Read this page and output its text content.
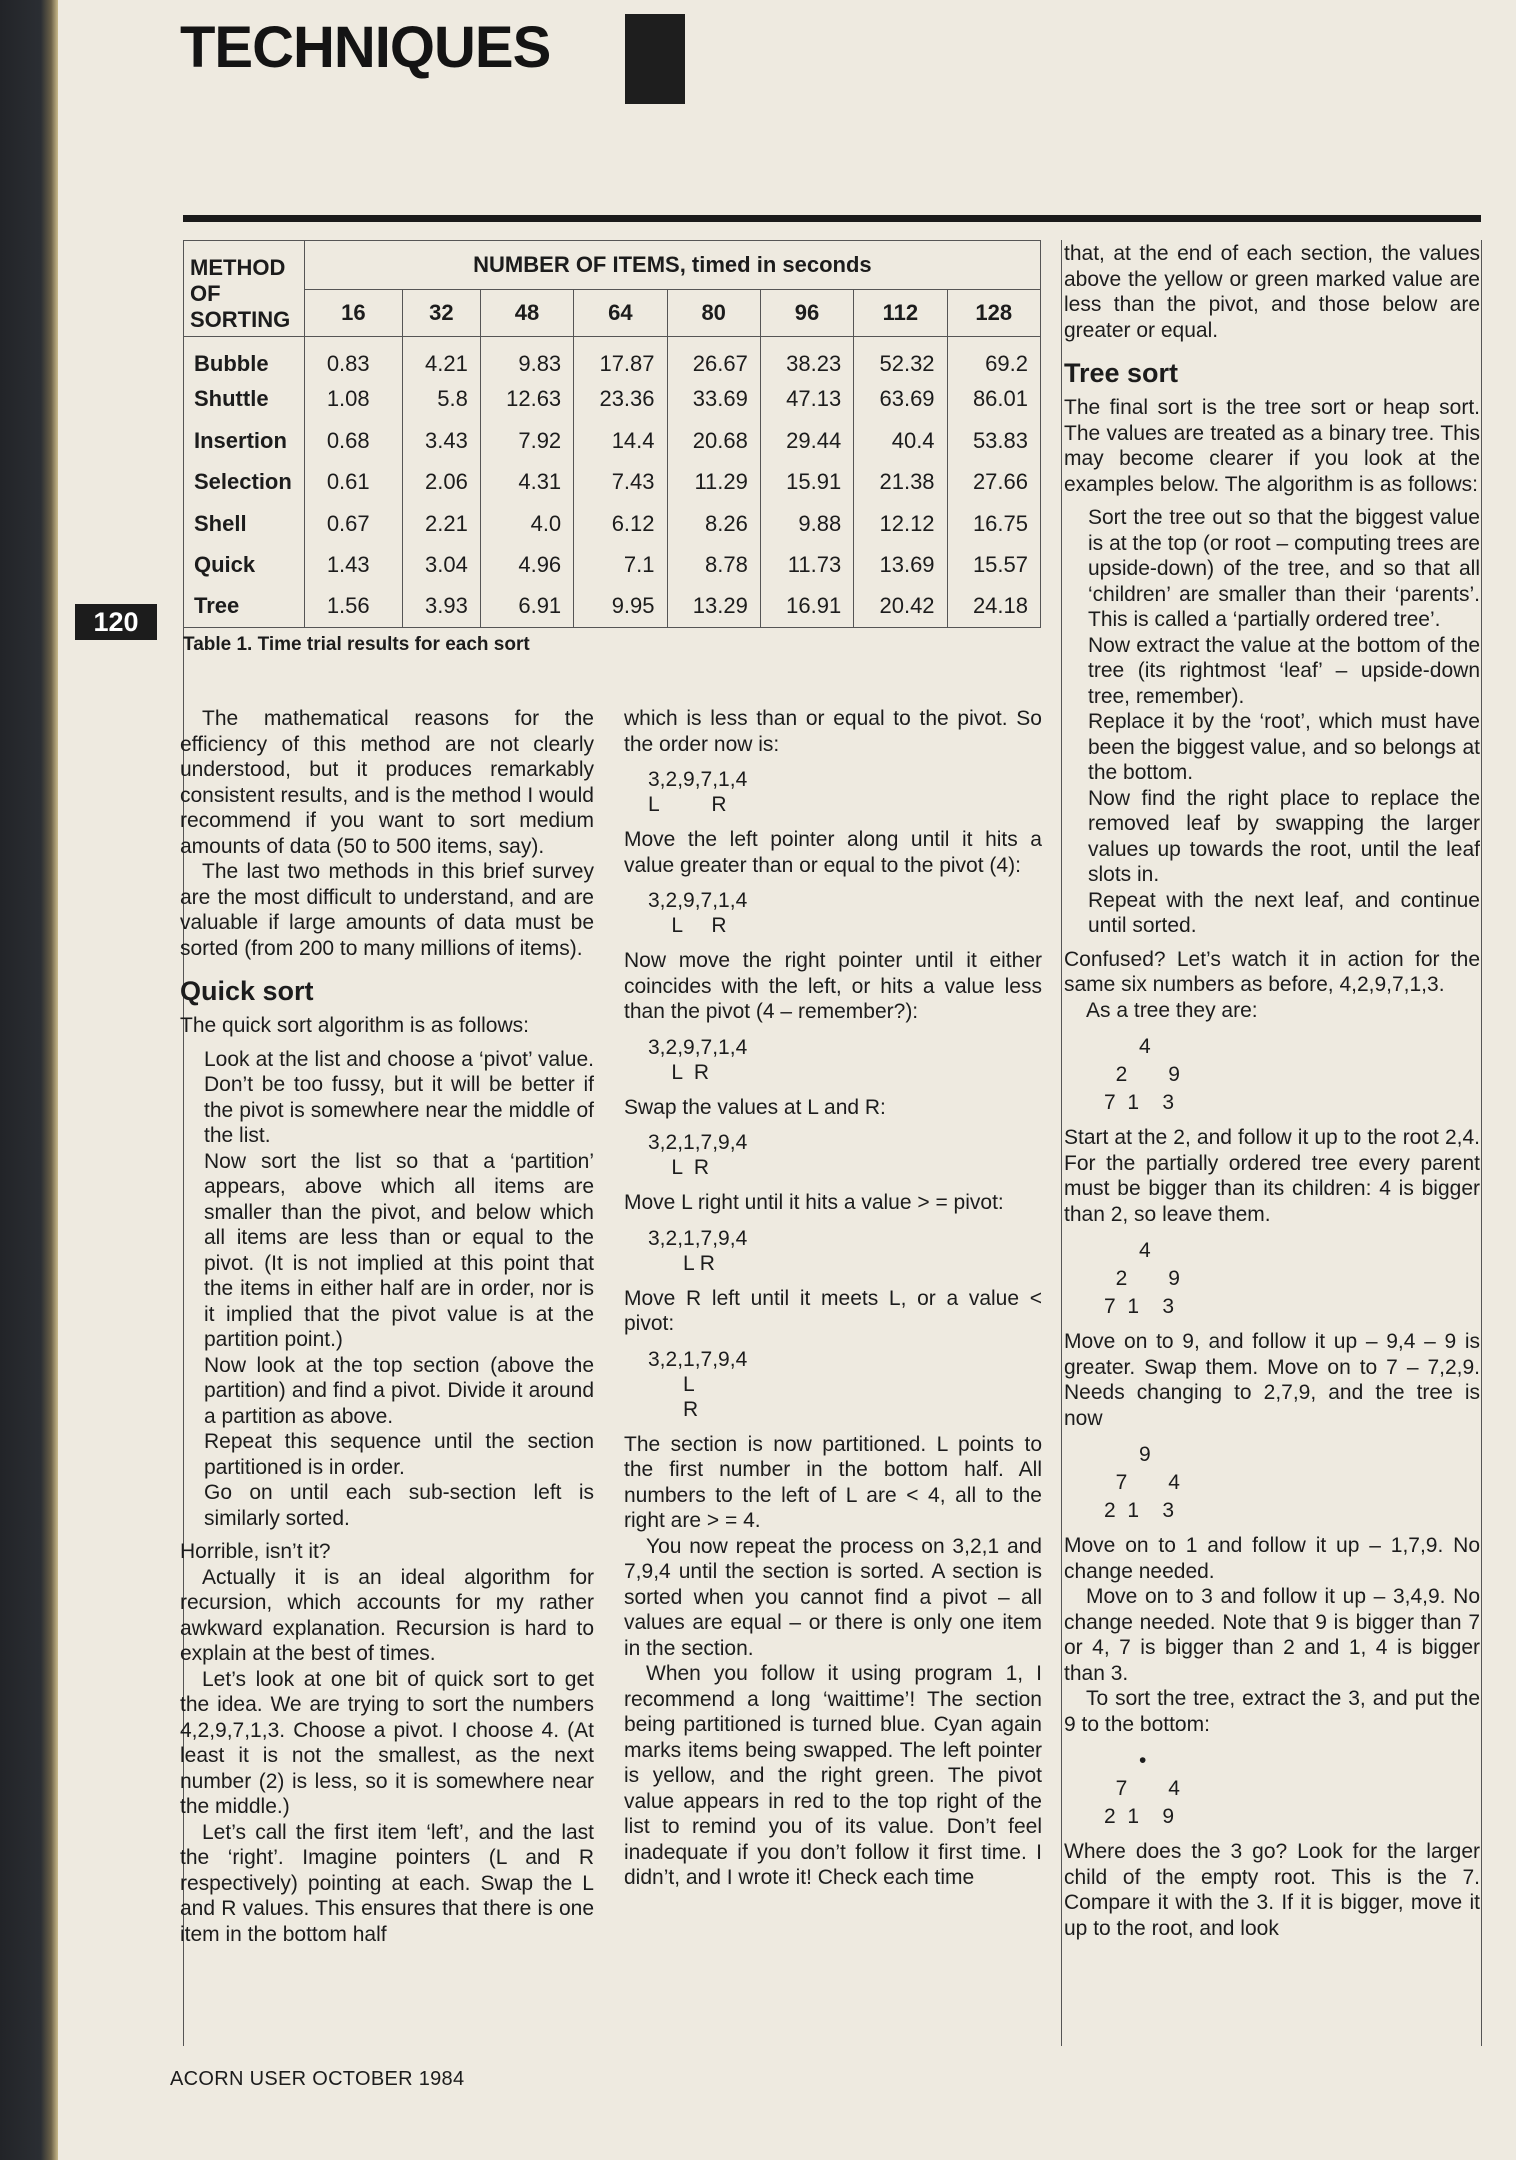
TECHNIQUES
120
METHOD
OF
SORTING	NUMBER OF ITEMS, timed in seconds							
	16	32	48	64	80	96	112	128
Bubble	0.83	4.21	9.83	17.87	26.67	38.23	52.32	69.2
Shuttle	1.08	5.8	12.63	23.36	33.69	47.13	63.69	86.01
Insertion	0.68	3.43	7.92	14.4	20.68	29.44	40.4	53.83
Selection	0.61	2.06	4.31	7.43	11.29	15.91	21.38	27.66
Shell	0.67	2.21	4.0	6.12	8.26	9.88	12.12	16.75
Quick	1.43	3.04	4.96	7.1	8.78	11.73	13.69	15.57
Tree	1.56	3.93	6.91	9.95	13.29	16.91	20.42	24.18
Table 1. Time trial results for each sort

The mathematical reasons for the efficiency of this method are not clearly understood, but it produces remarkably consistent results, and is the method I would recommend if you want to sort medium amounts of data (50 to 500 items, say).

The last two methods in this brief survey are the most difficult to understand, and are valuable if large amounts of data must be sorted (from 200 to many millions of items).

Quick sort

The quick sort algorithm is as follows:

Look at the list and choose a ‘pivot’ value. Don’t be too fussy, but it will be better if the pivot is somewhere near the middle of the list.

Now sort the list so that a ‘partition’ appears, above which all items are smaller than the pivot, and below which all items are less than or equal to the pivot. (It is not implied at this point that the items in either half are in order, nor is it implied that the pivot value is at the partition point.)

Now look at the top section (above the partition) and find a pivot. Divide it around a partition as above.

Repeat this sequence until the section partitioned is in order.

Go on until each sub-section left is similarly sorted.

Horrible, isn’t it?

Actually it is an ideal algorithm for recursion, which accounts for my rather awkward explanation. Recursion is hard to explain at the best of times.

Let’s look at one bit of quick sort to get the idea. We are trying to sort the numbers 4,2,9,7,1,3. Choose a pivot. I choose 4. (At least it is not the smallest, as the next number (2) is less, so it is somewhere near the middle.)

Let’s call the first item ‘left’, and the last the ‘right’. Imagine pointers (L and R respectively) pointing at each. Swap the L and R values. This ensures that there is one item in the bottom half

which is less than or equal to the pivot. So the order now is:

3,2,9,7,1,4
L         R

Move the left pointer along until it hits a value greater than or equal to the pivot (4):

3,2,9,7,1,4
L     R

Now move the right pointer until it either coincides with the left, or hits a value less than the pivot (4 – remember?):

3,2,9,7,1,4
L  R

Swap the values at L and R:

3,2,1,7,9,4
L  R

Move L right until it hits a value > = pivot:

3,2,1,7,9,4
L R

Move R left until it meets L, or a value < pivot:

3,2,1,7,9,4
L
R

The section is now partitioned. L points to the first number in the bottom half. All numbers to the left of L are < 4, all to the right are > = 4.

You now repeat the process on 3,2,1 and 7,9,4 until the section is sorted. A section is sorted when you cannot find a pivot – all values are equal – or there is only one item in the section.

When you follow it using program 1, I recommend a long ‘waittime’! The section being partitioned is turned blue. Cyan again marks items being swapped. The left pointer is yellow, and the right green. The pivot value appears in red to the top right of the list to remind you of its value. Don’t feel inadequate if you don’t follow it first time. I didn’t, and I wrote it! Check each time

that, at the end of each section, the values above the yellow or green marked value are less than the pivot, and those below are greater or equal.

Tree sort

The final sort is the tree sort or heap sort. The values are treated as a binary tree. This may become clearer if you look at the examples below. The algorithm is as follows:

Sort the tree out so that the biggest value is at the top (or root – computing trees are upside-down) of the tree, and so that all ‘children’ are smaller than their ‘parents’. This is called a ‘partially ordered tree’.

Now extract the value at the bottom of the tree (its rightmost ‘leaf’ – upside-down tree, remember).

Replace it by the ‘root’, which must have been the biggest value, and so belongs at the bottom.

Now find the right place to replace the removed leaf by swapping the larger values up towards the root, until the leaf slots in.

Repeat with the next leaf, and continue until sorted.

Confused? Let’s watch it in action for the same six numbers as before, 4,2,9,7,1,3.

As a tree they are:

4
2       9
7  1    3

Start at the 2, and follow it up to the root 2,4. For the partially ordered tree every parent must be bigger than its children: 4 is bigger than 2, so leave them.

4
2       9
7  1    3

Move on to 9, and follow it up – 9,4 – 9 is greater. Swap them. Move on to 7 – 7,2,9. Needs changing to 2,7,9, and the tree is now

9
7       4
2  1    3

Move on to 1 and follow it up – 1,7,9. No change needed.

Move on to 3 and follow it up – 3,4,9. No change needed. Note that 9 is bigger than 7 or 4, 7 is bigger than 2 and 1, 4 is bigger than 3.

To sort the tree, extract the 3, and put the 9 to the bottom:

•
7       4
2  1    9

Where does the 3 go? Look for the larger child of the empty root. This is the 7. Compare it with the 3. If it is bigger, move it up to the root, and look

ACORN USER OCTOBER 1984
